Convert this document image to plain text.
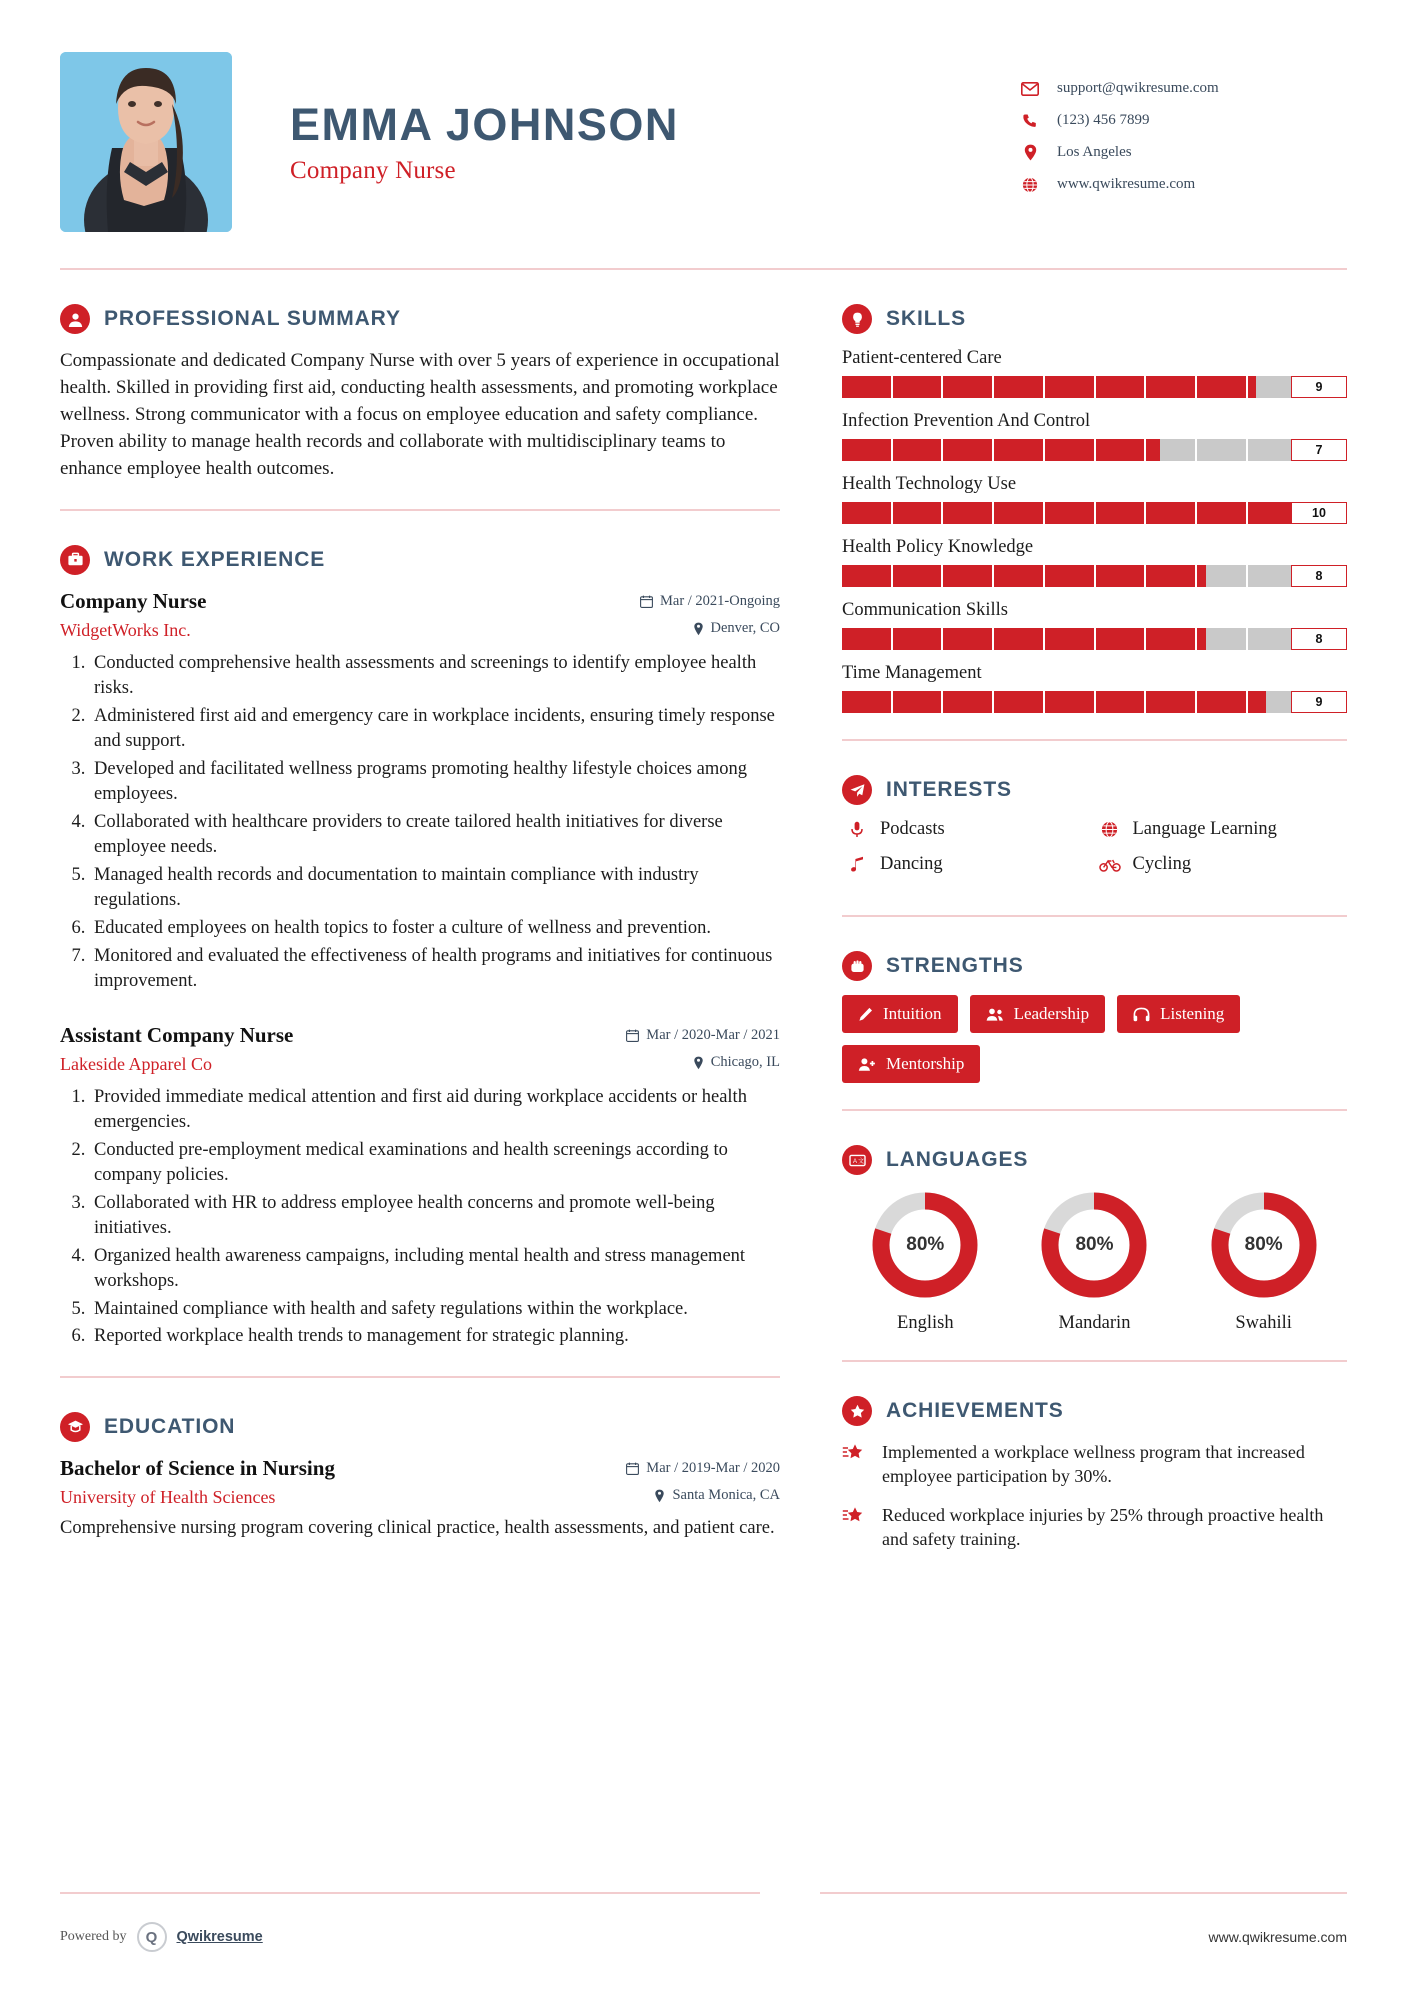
EMMA JOHNSON
Company Nurse
support@qwikresume.com
(123) 456 7899
Los Angeles
www.qwikresume.com
PROFESSIONAL SUMMARY
Compassionate and dedicated Company Nurse with over 5 years of experience in occupational health. Skilled in providing first aid, conducting health assessments, and promoting workplace wellness. Strong communicator with a focus on employee education and safety compliance. Proven ability to manage health records and collaborate with multidisciplinary teams to enhance employee health outcomes.
WORK EXPERIENCE
Company Nurse	Mar / 2021-Ongoing
WidgetWorks Inc.	Denver, CO
1. Conducted comprehensive health assessments and screenings to identify employee health risks.
2. Administered first aid and emergency care in workplace incidents, ensuring timely response and support.
3. Developed and facilitated wellness programs promoting healthy lifestyle choices among employees.
4. Collaborated with healthcare providers to create tailored health initiatives for diverse employee needs.
5. Managed health records and documentation to maintain compliance with industry regulations.
6. Educated employees on health topics to foster a culture of wellness and prevention.
7. Monitored and evaluated the effectiveness of health programs and initiatives for continuous improvement.
Assistant Company Nurse	Mar / 2020-Mar / 2021
Lakeside Apparel Co	Chicago, IL
1. Provided immediate medical attention and first aid during workplace accidents or health emergencies.
2. Conducted pre-employment medical examinations and health screenings according to company policies.
3. Collaborated with HR to address employee health concerns and promote well-being initiatives.
4. Organized health awareness campaigns, including mental health and stress management workshops.
5. Maintained compliance with health and safety regulations within the workplace.
6. Reported workplace health trends to management for strategic planning.
EDUCATION
Bachelor of Science in Nursing	Mar / 2019-Mar / 2020
University of Health Sciences	Santa Monica, CA
Comprehensive nursing program covering clinical practice, health assessments, and patient care.
SKILLS
Patient-centered Care
9
Infection Prevention And Control
7
Health Technology Use
10
Health Policy Knowledge
8
Communication Skills
8
Time Management
9
INTERESTS
Podcasts	Language Learning
Dancing	Cycling
STRENGTHS
Intuition	Leadership	Listening
Mentorship
A 文 LANGUAGES
80%
English
80%
Mandarin
80%
Swahili
ACHIEVEMENTS
Implemented a workplace wellness program that increased employee participation by 30%.
Reduced workplace injuries by 25% through proactive health and safety training.
Powered by	Q	Qwikresume	www.qwikresume.com
